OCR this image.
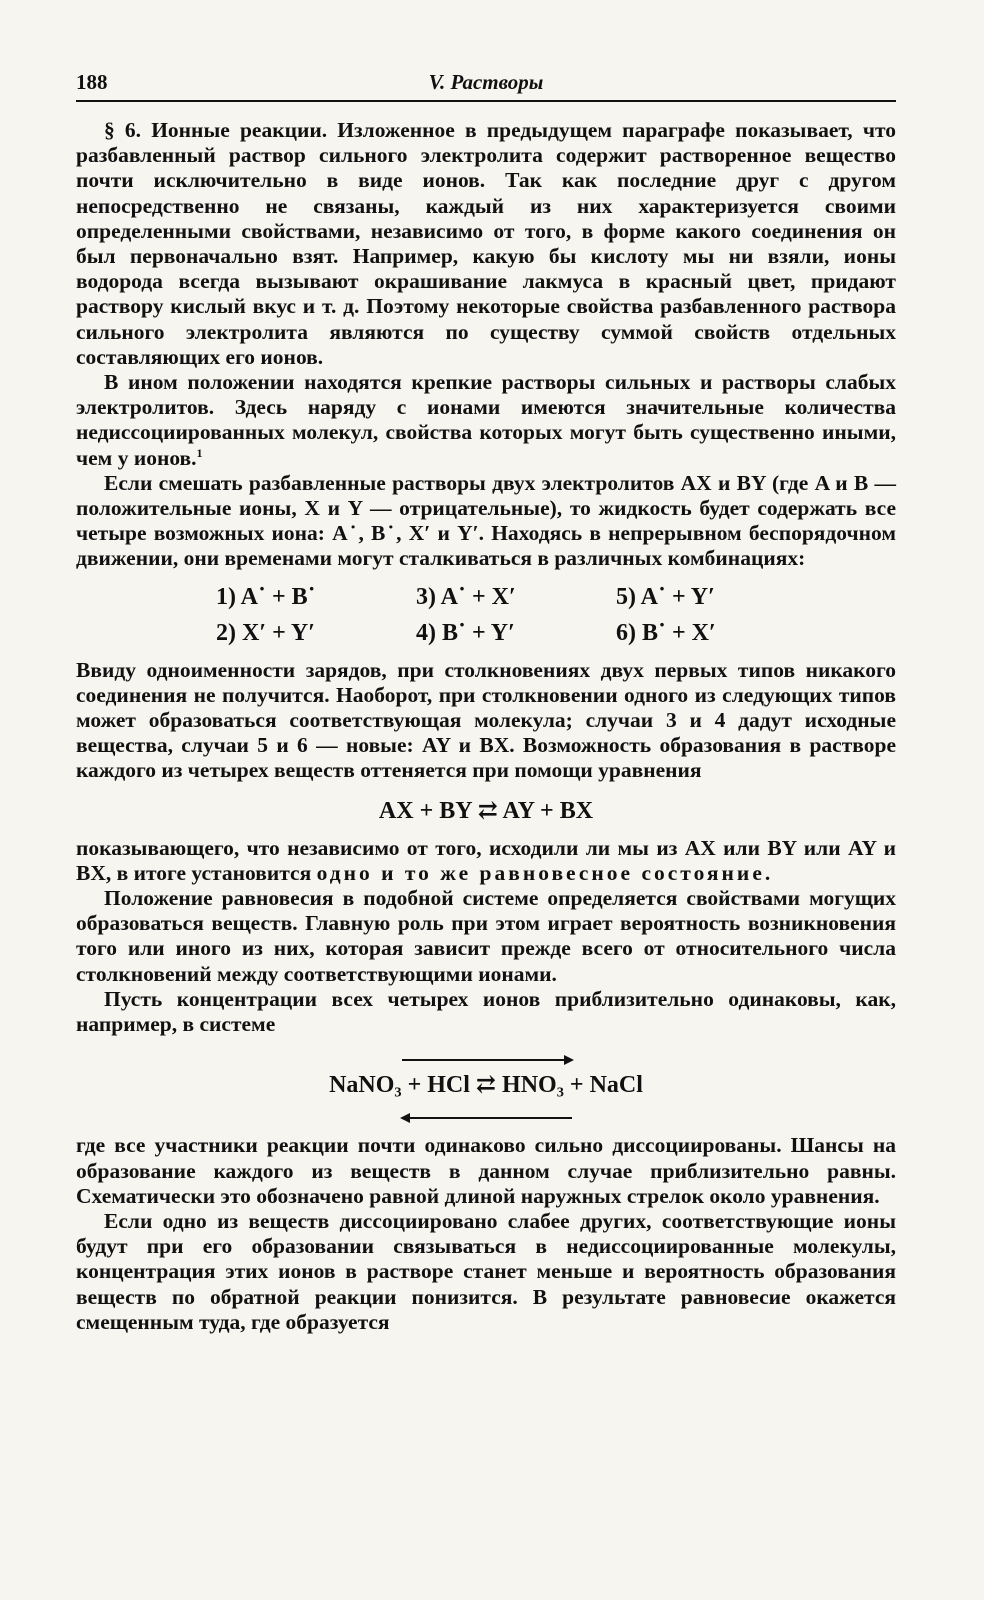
188	V. Растворы

§ 6. Ионные реакции. Изложенное в предыдущем параграфе показывает, что разбавленный раствор сильного электролита содержит растворенное вещество почти исключительно в виде ионов. Так как последние друг с другом непосредственно не связаны, каждый из них характеризуется своими определенными свойствами, независимо от того, в форме какого соединения он был первоначально взят. Например, какую бы кислоту мы ни взяли, ионы водорода всегда вызывают окрашивание лакмуса в красный цвет, придают раствору кислый вкус и т. д. Поэтому некоторые свойства разбавленного раствора сильного электролита являются по существу суммой свойств отдельных составляющих его ионов.

В ином положении находятся крепкие растворы сильных и растворы слабых электролитов. Здесь наряду с ионами имеются значительные количества недиссоциированных молекул, свойства которых могут быть существенно иными, чем у ионов.$^1$

Если смешать разбавленные растворы двух электролитов AX и BY (где A и B — положительные ионы, X и Y — отрицательные), то жидкость будет содержать все четыре возможных иона: A˙, B˙, X′ и Y′. Находясь в непрерывном беспорядочном движении, они временами могут сталкиваться в различных комбинациях:

1) A˙ + B˙	3) A˙ + X′	5) A˙ + Y′
2) X′ + Y′	4) B˙ + Y′	6) B˙ + X′

Ввиду одноименности зарядов, при столкновениях двух первых типов никакого соединения не получится. Наоборот, при столкновении одного из следующих типов может образоваться соответствующая молекула; случаи 3 и 4 дадут исходные вещества, случаи 5 и 6 — новые: AY и BX. Возможность образования в растворе каждого из четырех веществ оттеняется при помощи уравнения

AX + BY ⇄ AY + BX

показывающего, что независимо от того, исходили ли мы из AX или BY или AY и BX, в итоге установится одно и то же равновесное состояние.

Положение равновесия в подобной системе определяется свойствами могущих образоваться веществ. Главную роль при этом играет вероятность возникновения того или иного из них, которая зависит прежде всего от относительного числа столкновений между соответствующими ионами.

Пусть концентрации всех четырех ионов приблизительно одинаковы, как, например, в системе

NaNO₃ + HCl ⇄ HNO₃ + NaCl

где все участники реакции почти одинаково сильно диссоциированы. Шансы на образование каждого из веществ в данном случае приблизительно равны. Схематически это обозначено равной длиной наружных стрелок около уравнения.

Если одно из веществ диссоциировано слабее других, соответствующие ионы будут при его образовании связываться в недиссоциированные молекулы, концентрация этих ионов в растворе станет меньше и вероятность образования веществ по обратной реакции понизится. В результате равновесие окажется смещенным туда, где образуется
